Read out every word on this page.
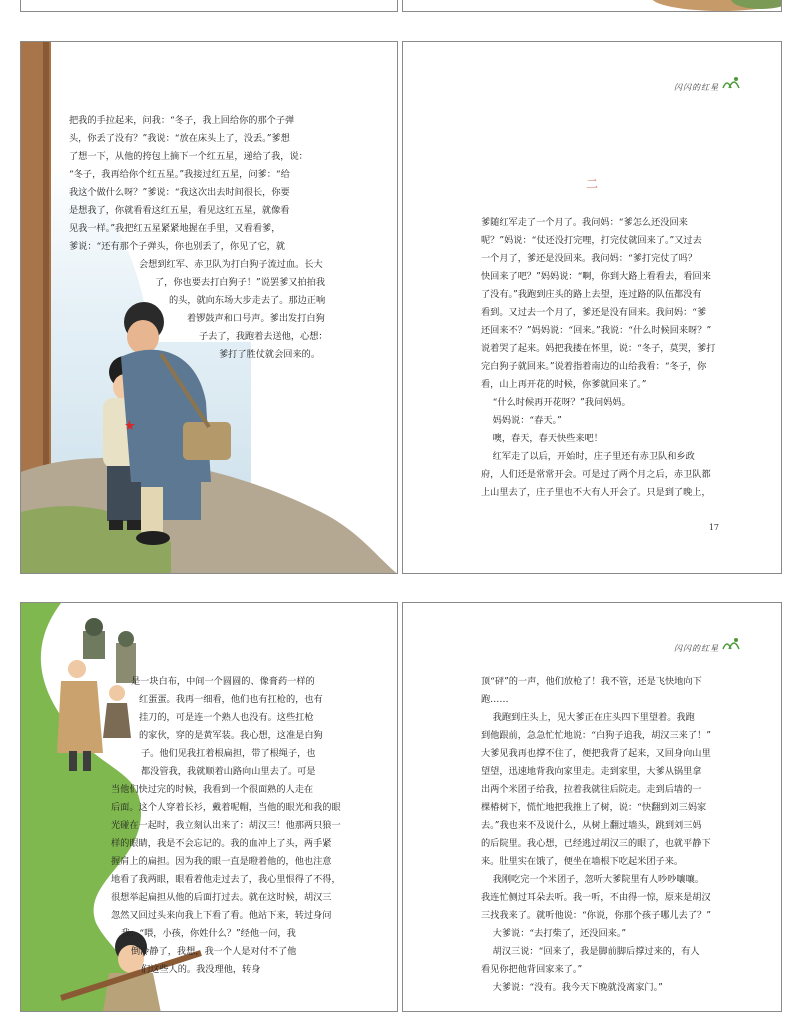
把我的手拉起来，问我：“冬子，我上回给你的那个子弹

头，你丢了没有？”我说：“放在床头上了，没丢。”爹想

了想一下，从他的挎包上摘下一个红五星，递给了我，说：

“冬子，我再给你个红五星。”我接过红五星，问爹：“给

我这个做什么呀？”爹说：“我这次出去时间很长，你要

是想我了，你就看看这红五星，看见这红五星，就像看

见我一样。”我把红五星紧紧地握在手里，又看看爹，

爹说：“还有那个子弹头，你也别丢了，你见了它，就

会想到红军、赤卫队为打白狗子流过血。长大

了，你也要去打白狗子！”说罢爹又拍拍我

的头，就向东场大步走去了。那边正响

着锣鼓声和口号声。爹出发打白狗

子去了，我跑着去送他，心想：

爹打了胜仗就会回来的。

闪闪的红星
二

爹随红军走了一个月了。我问妈：“爹怎么还没回来

呢？”妈说：“仗还没打完哩，打完仗就回来了。”又过去

一个月了，爹还是没回来。我问妈：“爹打完仗了吗？

快回来了吧？”妈妈说：“啊，你到大路上看看去，看回来

了没有。”我跑到庄头的路上去望，连过路的队伍都没有

看到。又过去一个月了，爹还是没有回来。我问妈：“爹

还回来不？”妈妈说：“回来。”我说：“什么时候回来呀？”

说着哭了起来。妈把我搂在怀里，说：“冬子，莫哭，爹打

完白狗子就回来。”说着指着南边的山给我看：“冬子，你

看，山上再开花的时候，你爹就回来了。”

“什么时候再开花呀？”我问妈妈。

妈妈说：“春天。”

噢，春天，春天快些来吧！

红军走了以后，开始时，庄子里还有赤卫队和乡政

府，人们还是常常开会。可是过了两个月之后，赤卫队都

上山里去了，庄子里也不大有人开会了。只是到了晚上，

17

是一块白布，中间一个圆圆的、像膏药一样的

红蛋蛋。我再一细看，他们也有扛枪的，也有

挂刀的，可是连一个熟人也没有。这些扛枪

的家伙，穿的是黄军装。我心想，这准是白狗

子。他们见我扛着根扁担，带了根绳子，也

都没管我，我就顺着山路向山里去了。可是

当他们快过完的时候，我看到一个很面熟的人走在

后面。这个人穿着长衫，戴着呢帽，当他的眼光和我的眼

光碰在一起时，我立刻认出来了：胡汉三！他那两只狼一

样的眼睛，我是不会忘记的。我的血冲上了头，两手紧

握肩上的扁担。因为我的眼一直是瞪着他的，他也注意

地看了我两眼，眼看着他走过去了，我心里恨得了不得，

很想举起扁担从他的后面打过去。就在这时候，胡汉三

忽然又回过头来向我上下看了看。他站下来，转过身问

我：“喂，小孩，你姓什么？”经他一问，我

倒冷静了，我想，我一个人是对付不了他

们这些人的。我没理他，转身

闪闪的红星

顶“砰”的一声，他们放枪了！我不管，还是飞快地向下

跑……

我跑到庄头上，见大爹正在庄头四下里望着。我跑

到他跟前，急急忙忙地说：“白狗子追我，胡汉三来了！”

大爹见我再也撑不住了，便把我背了起来，又回身向山里

望望，迅速地背我向家里走。走到家里，大爹从锅里拿

出两个米团子给我，拉着我就往后院走。走到后墙的一

棵椿树下，慌忙地把我推上了树，说：“快翻到刘三妈家

去。”我也来不及说什么，从树上翻过墙头，跳到刘三妈

的后院里。我心想，已经逃过胡汉三的眼了，也就平静下

来。肚里实在饿了，便坐在墙根下吃起米团子来。

我刚吃完一个米团子，忽听大爹院里有人吵吵嚷嚷。

我连忙侧过耳朵去听。我一听，不由得一惊，原来是胡汉

三找我来了。就听他说：“你说，你那个孩子哪儿去了？”

大爹说：“去打柴了，还没回来。”

胡汉三说：“回来了，我是脚前脚后撑过来的，有人

看见你把他背回家来了。”

大爹说：“没有。我今天下晚就没离家门。”
